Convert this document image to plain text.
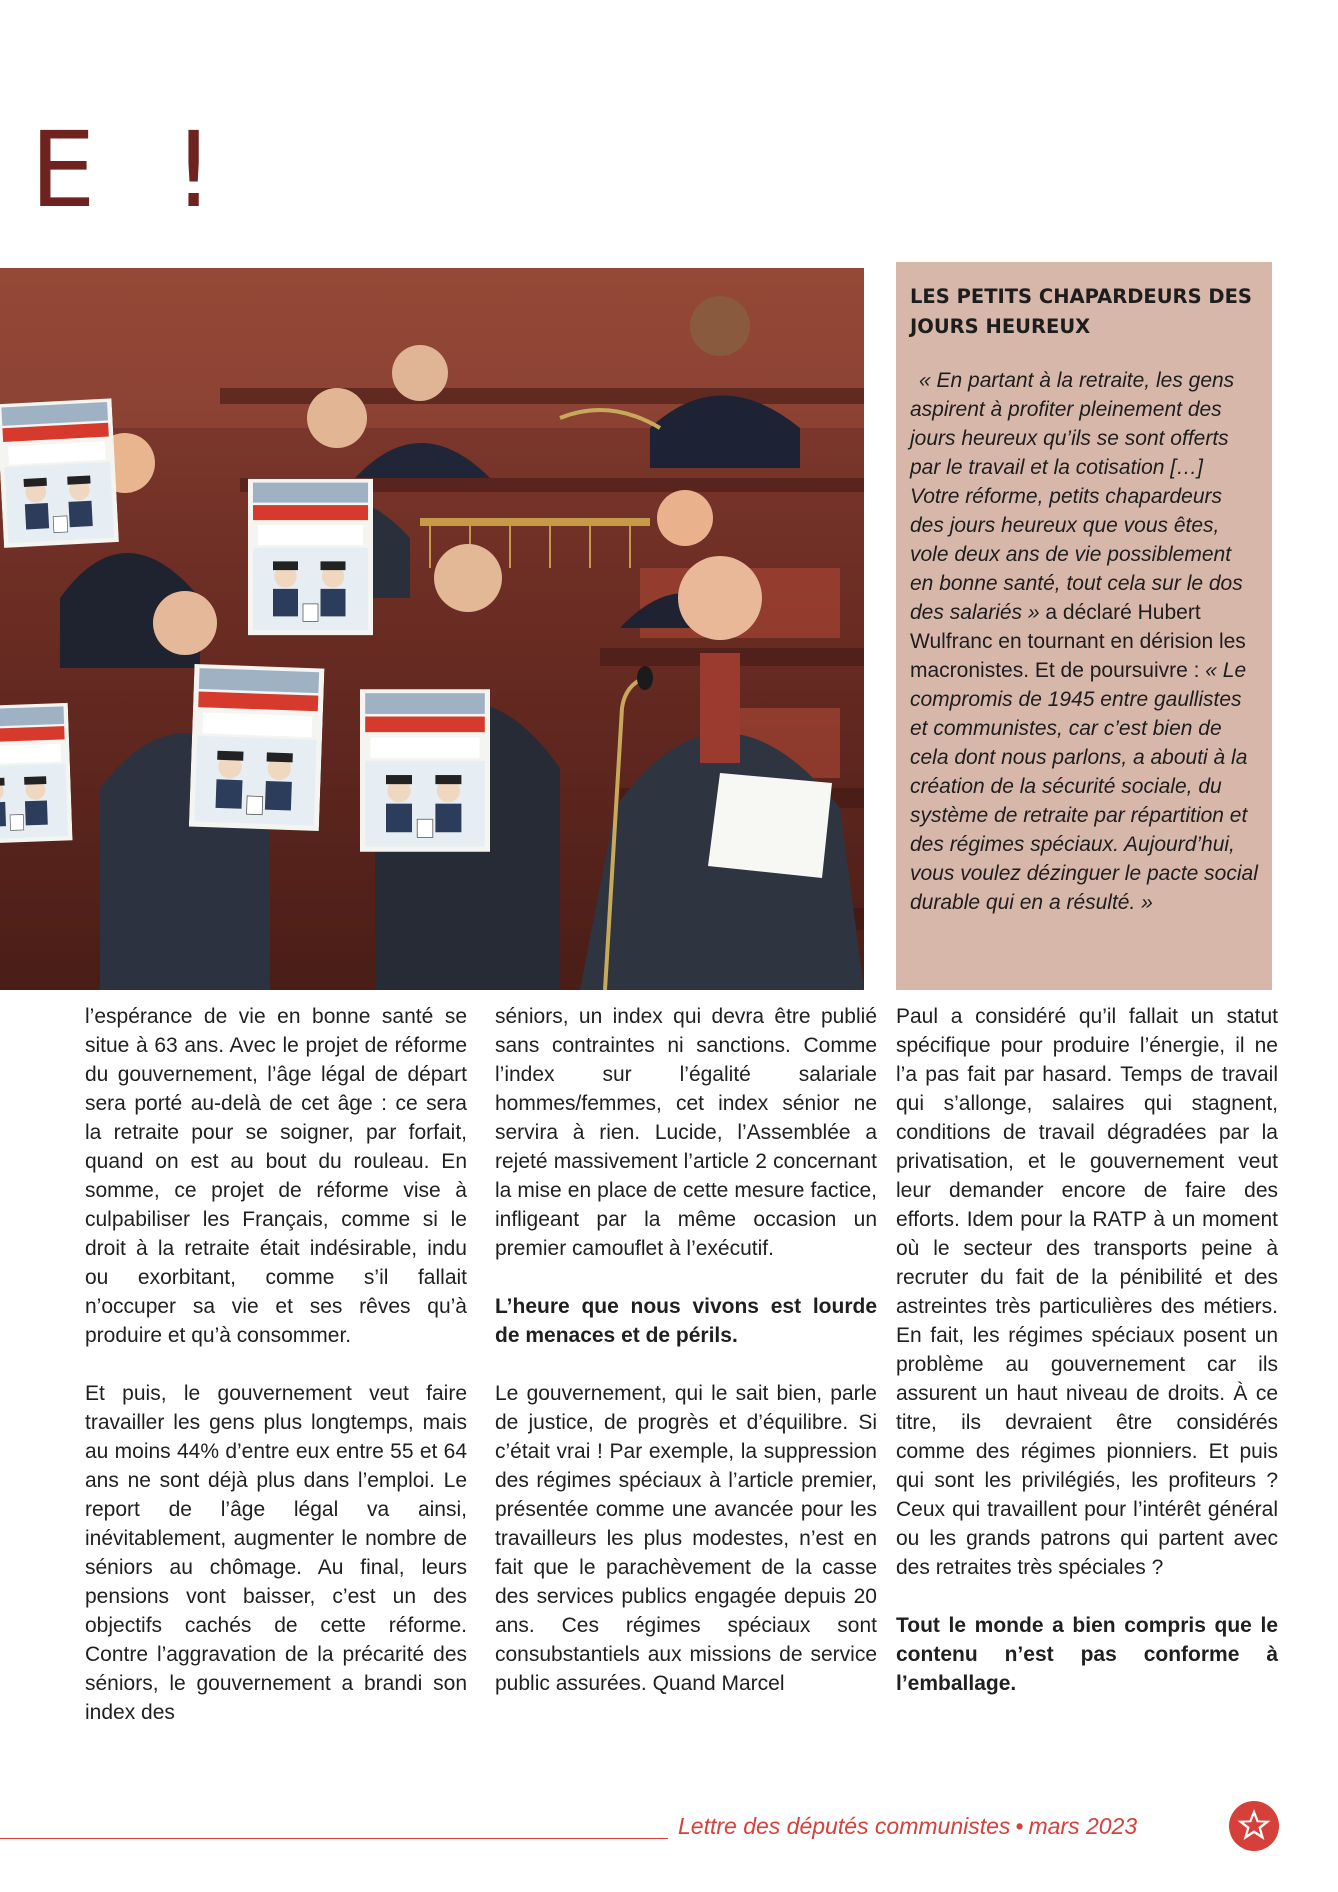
E !
LES PETITS CHAPARDEURS DES JOURS HEUREUX

« En partant à la retraite, les gens aspirent à profiter pleinement des jours heureux qu’ils se sont offerts par le travail et la cotisation […] Votre réforme, petits chapardeurs des jours heureux que vous êtes, vole deux ans de vie possiblement en bonne santé, tout cela sur le dos des salariés » a déclaré Hubert Wulfranc en tournant en dérision les macronistes. Et de poursuivre : « Le compromis de 1945 entre gaullistes et communistes, car c’est bien de cela dont nous parlons, a abouti à la création de la sécurité sociale, du système de retraite par répartition et des régimes spéciaux. Aujourd’hui, vous voulez dézinguer le pacte social durable qui en a résulté. »

l’espérance de vie en bonne santé se situe à 63 ans. Avec le projet de réforme du gouvernement, l’âge légal de départ sera porté au-delà de cet âge : ce sera la retraite pour se soigner, par forfait, quand on est au bout du rouleau. En somme, ce projet de réforme vise à culpabiliser les Français, comme si le droit à la retraite était indésirable, indu ou exorbitant, comme s’il fallait n’occuper sa vie et ses rêves qu’à produire et qu’à consommer.

Et puis, le gouvernement veut faire travailler les gens plus longtemps, mais au moins 44% d’entre eux entre 55 et 64 ans ne sont déjà plus dans l’emploi. Le report de l’âge légal va ainsi, inévitablement, augmenter le nombre de séniors au chômage. Au final, leurs pensions vont baisser, c’est un des objectifs cachés de cette réforme. Contre l’aggravation de la précarité des séniors, le gouvernement a brandi son index des

séniors, un index qui devra être publié sans contraintes ni sanctions. Comme l’index sur l’égalité salariale hommes/femmes, cet index sénior ne servira à rien. Lucide, l’Assemblée a rejeté massivement l’article 2 concernant la mise en place de cette mesure factice, infligeant par la même occasion un premier camouflet à l’exécutif.

L’heure que nous vivons est lourde de menaces et de périls.

Le gouvernement, qui le sait bien, parle de justice, de progrès et d’équilibre. Si c’était vrai ! Par exemple, la suppression des régimes spéciaux à l’article premier, présentée comme une avancée pour les travailleurs les plus modestes, n’est en fait que le parachèvement de la casse des services publics engagée depuis 20 ans. Ces régimes spéciaux sont consubstantiels aux missions de service public assurées. Quand Marcel

Paul a considéré qu’il fallait un statut spécifique pour produire l’énergie, il ne l’a pas fait par hasard. Temps de travail qui s’allonge, salaires qui stagnent, conditions de travail dégradées par la privatisation, et le gouvernement veut leur demander encore de faire des efforts. Idem pour la RATP à un moment où le secteur des transports peine à recruter du fait de la pénibilité et des astreintes très particulières des métiers. En fait, les régimes spéciaux posent un problème au gouvernement car ils assurent un haut niveau de droits. À ce titre, ils devraient être considérés comme des régimes pionniers. Et puis qui sont les privilégiés, les profiteurs ? Ceux qui travaillent pour l’intérêt général ou les grands patrons qui partent avec des retraites très spéciales ?

Tout le monde a bien compris que le contenu n’est pas conforme à l’emballage.

Lettre des députés communistes • mars 2023
